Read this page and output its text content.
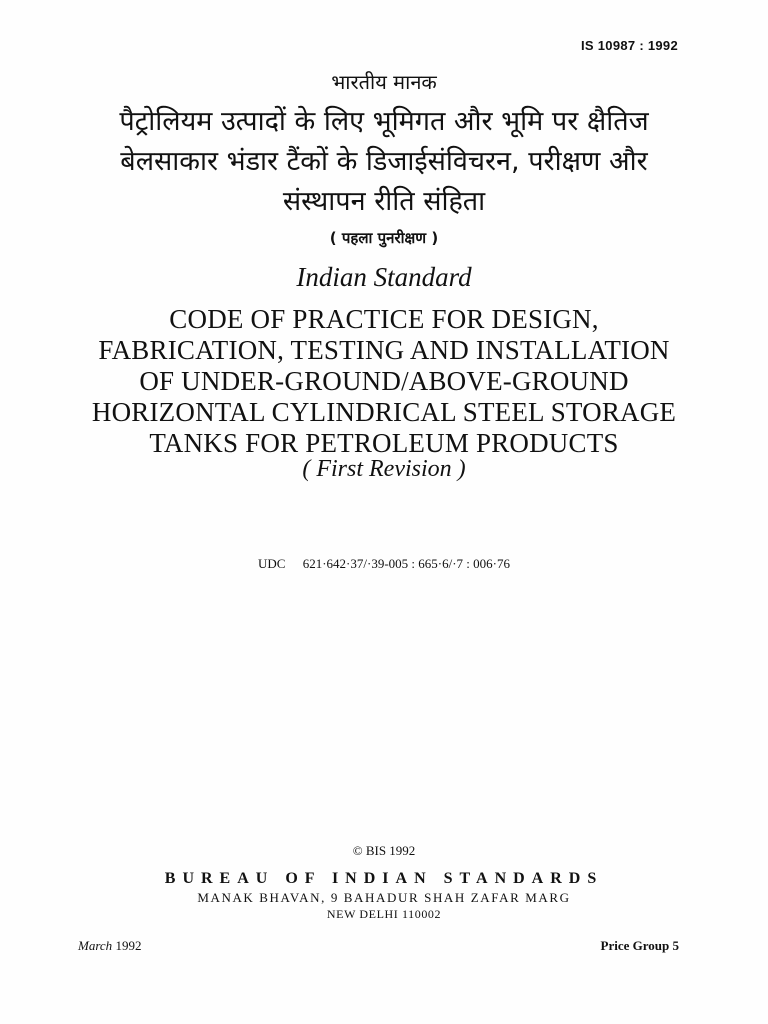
IS 10987 : 1992
भारतीय मानक
पैट्रोलियम उत्पादों के लिए भूमिगत और भूमि पर क्षैतिज
बेलसाकार भंडार टैंकों के डिजाईसंविचरन, परीक्षण और
संस्थापन रीति संहिता
( पहला पुनरीक्षण )
Indian Standard
CODE OF PRACTICE FOR DESIGN,
FABRICATION, TESTING AND INSTALLATION
OF UNDER-GROUND/ABOVE-GROUND
HORIZONTAL CYLINDRICAL STEEL STORAGE
TANKS FOR PETROLEUM PRODUCTS
( First Revision )
UDC 621·642·37/·39-005 : 665·6/·7 : 006·76
© BIS 1992
BUREAU OF INDIAN STANDARDS
MANAK BHAVAN, 9 BAHADUR SHAH ZAFAR MARG
NEW DELHI 110002
March 1992	Price Group 5
